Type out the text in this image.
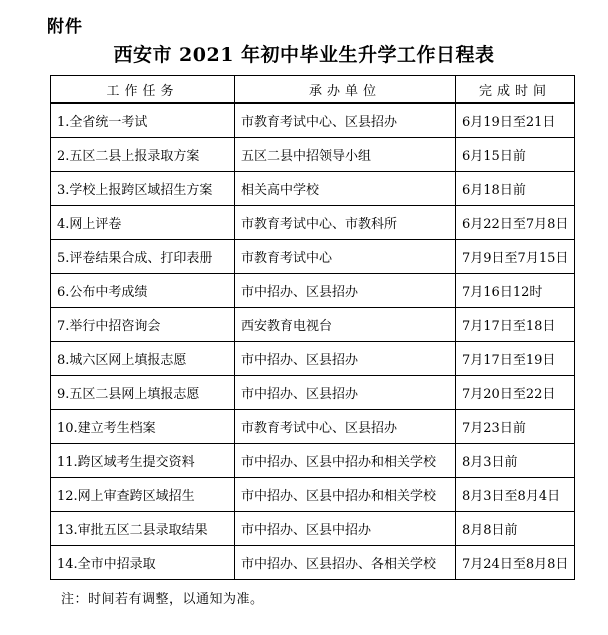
附件
西安市 2021 年初中毕业生升学工作日程表
工作任务	承办单位	完成时间
1.全省统一考试	市教育考试中心、区县招办	6月19日至21日
2.五区二县上报录取方案	五区二县中招领导小组	6月15日前
3.学校上报跨区域招生方案	相关高中学校	6月18日前
4.网上评卷	市教育考试中心、市教科所	6月22日至7月8日
5.评卷结果合成、打印表册	市教育考试中心	7月9日至7月15日
6.公布中考成绩	市中招办、区县招办	7月16日12时
7.举行中招咨询会	西安教育电视台	7月17日至18日
8.城六区网上填报志愿	市中招办、区县招办	7月17日至19日
9.五区二县网上填报志愿	市中招办、区县招办	7月20日至22日
10.建立考生档案	市教育考试中心、区县招办	7月23日前
11.跨区域考生提交资料	市中招办、区县中招办和相关学校	8月3日前
12.网上审查跨区域招生	市中招办、区县中招办和相关学校	8月3日至8月4日
13.审批五区二县录取结果	市中招办、区县中招办	8月8日前
14.全市中招录取	市中招办、区县招办、各相关学校	7月24日至8月8日
注：时间若有调整，以通知为准。
